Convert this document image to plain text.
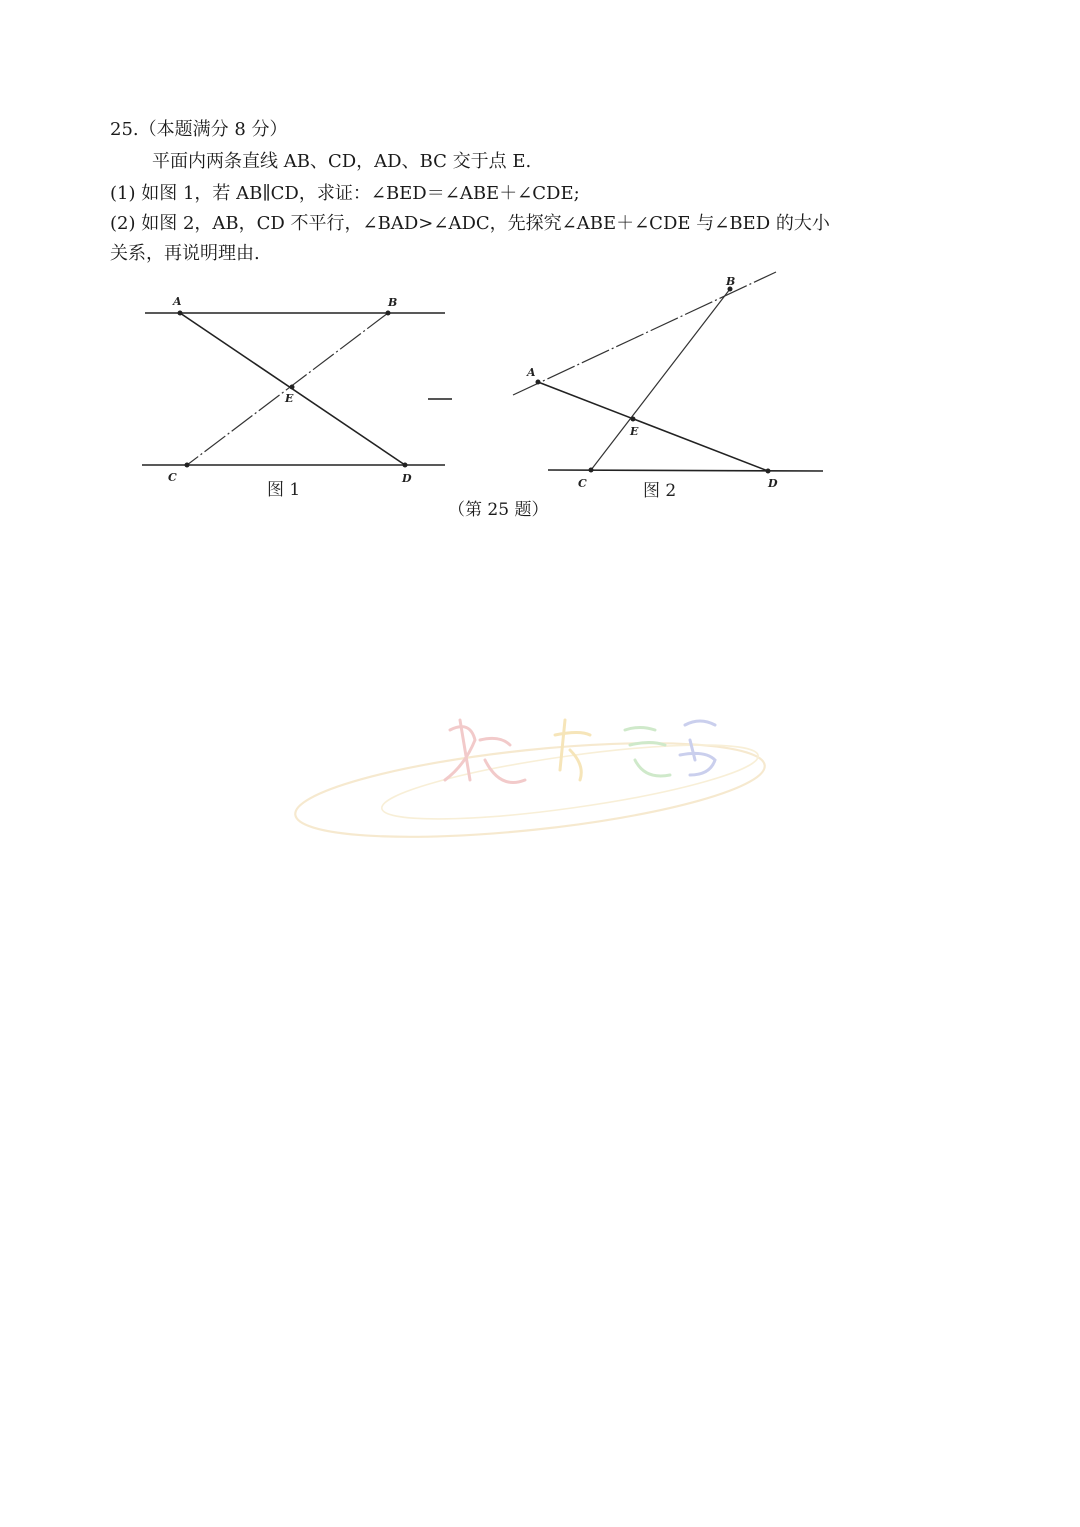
25.（本题满分 8 分）
平面内两条直线 AB、CD，AD、BC 交于点 E.
(1) 如图 1，若 AB∥CD，求证：∠BED＝∠ABE＋∠CDE;
(2) 如图 2，AB，CD 不平行，∠BAD>∠ADC，先探究∠ABE＋∠CDE 与∠BED 的大小
关系，再说明理由.
A	B
C	D
E
图 1
A
B
C	D
E
图 2
（第 25 题）
